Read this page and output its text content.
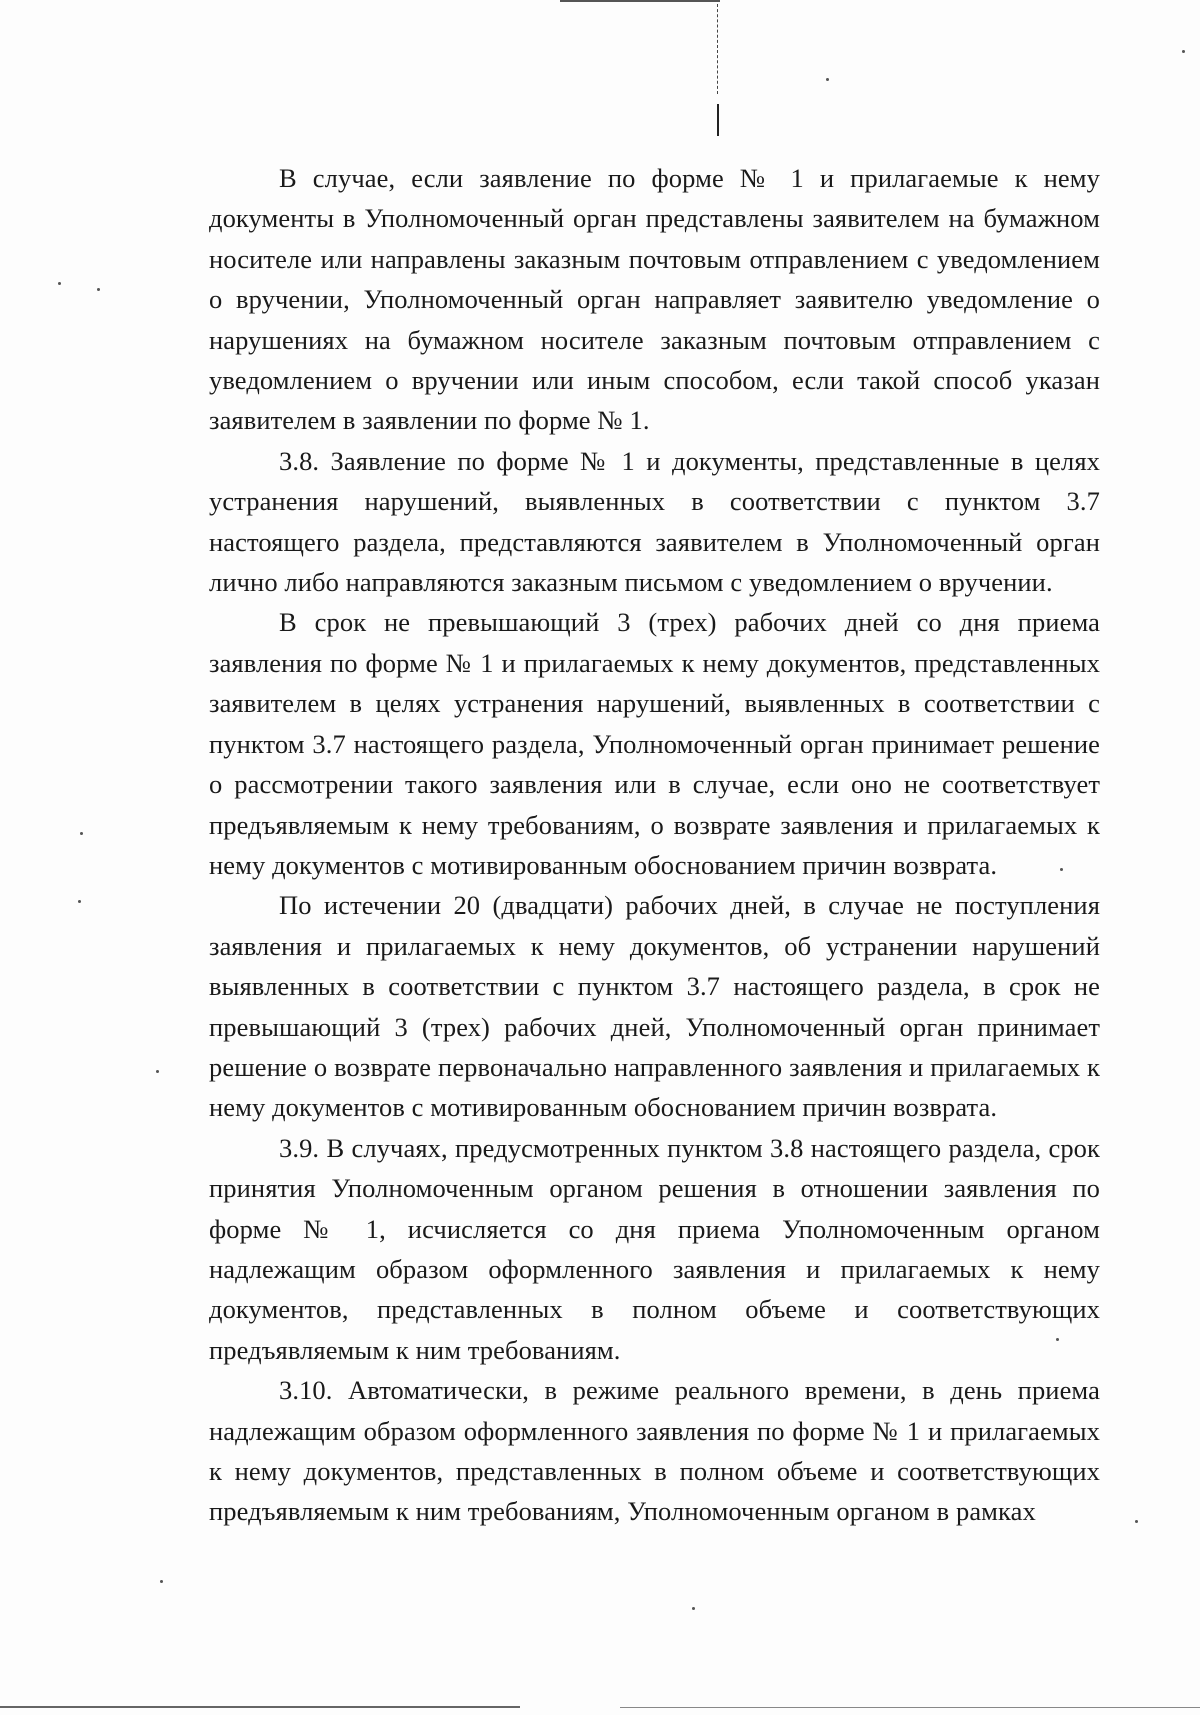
В случае, если заявление по форме № 1 и прилагаемые к нему документы в Уполномоченный орган представлены заявителем на бумажном носителе или направлены заказным почтовым отправлением с уведомлением о вручении, Уполномоченный орган направляет заявителю уведомление о нарушениях на бумажном носителе заказным почтовым отправлением с уведомлением о вручении или иным способом, если такой способ указан заявителем в заявлении по форме № 1.

3.8. Заявление по форме № 1 и документы, представленные в целях устранения нарушений, выявленных в соответствии с пунктом 3.7 настоящего раздела, представляются заявителем в Уполномоченный орган лично либо направляются заказным письмом с уведомлением о вручении.

В срок не превышающий 3 (трех) рабочих дней со дня приема заявления по форме № 1 и прилагаемых к нему документов, представленных заявителем в целях устранения нарушений, выявленных в соответствии с пунктом 3.7 настоящего раздела, Уполномоченный орган принимает решение о рассмотрении такого заявления или в случае, если оно не соответствует предъявляемым к нему требованиям, о возврате заявления и прилагаемых к нему документов с мотивированным обоснованием причин возврата.

По истечении 20 (двадцати) рабочих дней, в случае не поступления заявления и прилагаемых к нему документов, об устранении нарушений выявленных в соответствии с пунктом 3.7 настоящего раздела, в срок не превышающий 3 (трех) рабочих дней, Уполномоченный орган принимает решение о возврате первоначально направленного заявления и прилагаемых к нему документов с мотивированным обоснованием причин возврата.

3.9. В случаях, предусмотренных пунктом 3.8 настоящего раздела, срок принятия Уполномоченным органом решения в отношении заявления по форме № 1, исчисляется со дня приема Уполномоченным органом надлежащим образом оформленного заявления и прилагаемых к нему документов, представленных в полном объеме и соответствующих предъявляемым к ним требованиям.

3.10. Автоматически, в режиме реального времени, в день приема надлежащим образом оформленного заявления по форме № 1 и прилагаемых к нему документов, представленных в полном объеме и соответствующих предъявляемым к ним требованиям, Уполномоченным органом в рамках
